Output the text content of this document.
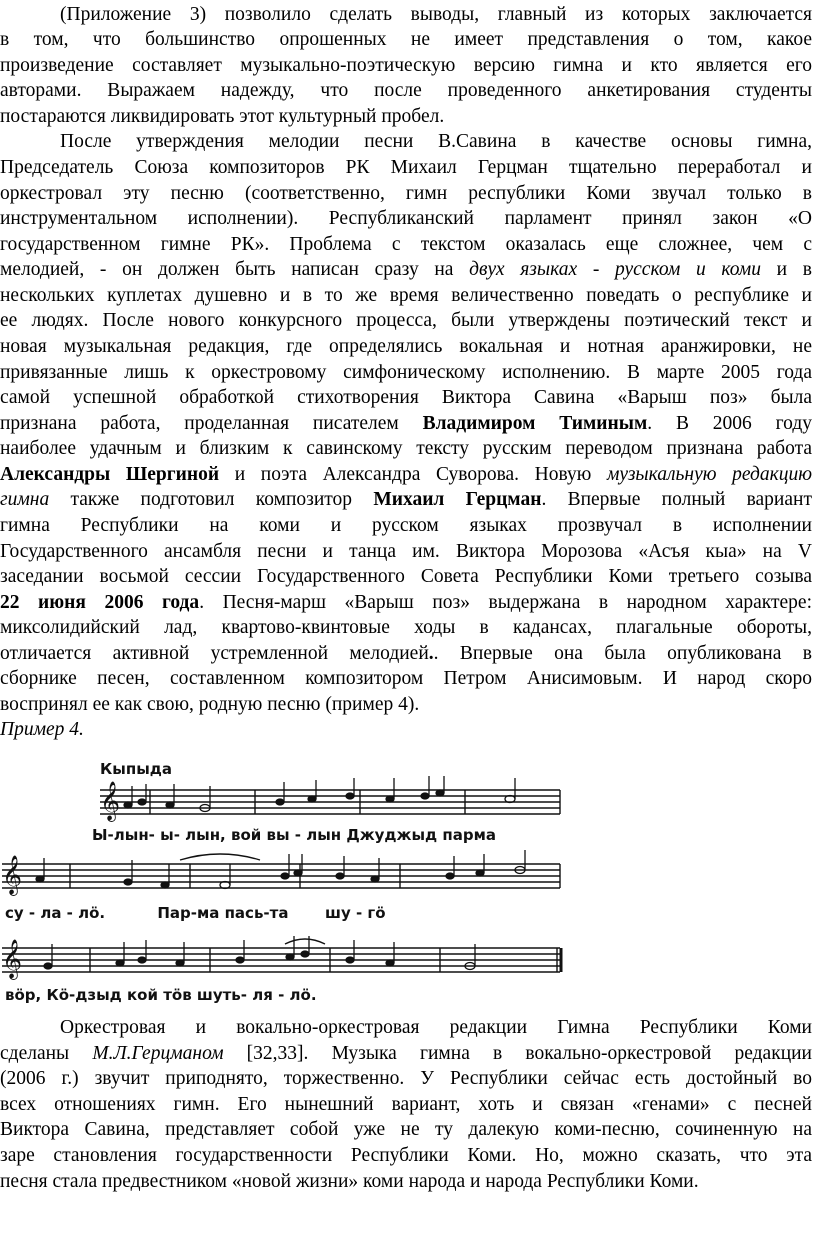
(Приложение 3) позволило сделать выводы, главный из которых заключается

в том, что большинство опрошенных не имеет представления о том, какое

произведение составляет музыкально-поэтическую версию гимна и кто является его

авторами. Выражаем надежду, что после проведенного анкетирования студенты

постараются ликвидировать этот культурный пробел.

После утверждения мелодии песни В.Савина в качестве основы гимна,

Председатель Союза композиторов РК Михаил Герцман тщательно переработал и

оркестровал эту песню (соответственно, гимн республики Коми звучал только в

инструментальном исполнении). Республиканский парламент принял закон «О

государственном гимне РК». Проблема с текстом оказалась еще сложнее, чем с

мелодией, - он должен быть написан сразу на двух языках - русском и коми и в

нескольких куплетах душевно и в то же время величественно поведать о республике и

ее людях. После нового конкурсного процесса, были утверждены поэтический текст и

новая музыкальная редакция, где определялись вокальная и нотная аранжировки, не

привязанные лишь к оркестровому симфоническому исполнению. В марте 2005 года

самой успешной обработкой стихотворения Виктора Савина «Варыш поз» была

признана работа, проделанная писателем Владимиром Тиминым. В 2006 году

наиболее удачным и близким к савинскому тексту русским переводом признана работа

Александры Шергиной и поэта Александра Суворова. Новую музыкальную редакцию

гимна также подготовил композитор Михаил Герцман. Впервые полный вариант

гимна Республики на коми и русском языках прозвучал в исполнении

Государственного ансамбля песни и танца им. Виктора Морозова «Асъя кыа» на V

заседании восьмой сессии Государственного Совета Республики Коми третьего созыва

22 июня 2006 года. Песня-марш «Варыш поз» выдержана в народном характере:

миксолидийский лад, квартово-квинтовые ходы в кадансах, плагальные обороты,

отличается активной устремленной мелодией.. Впервые она была опубликована в

сборнике песен, составленном композитором Петром Анисимовым. И народ скоро

воспринял ее как свою, родную песню (пример 4).

Пример 4.
𝄞
𝄞
𝄞
Кыпыда
Ы-лын- ы- лын, вой вы - лын Джуджыд парма
су - ла - лö.          Пар-ма пась-та       шу - гö
вöр, Кö-дзыд кой тöв шуть- ля - лö.

Оркестровая и вокально-оркестровая редакции Гимна Республики Коми

сделаны М.Л.Герцманом [32,33]. Музыка гимна в вокально-оркестровой редакции

(2006 г.) звучит приподнято, торжественно. У Республики сейчас есть достойный во

всех отношениях гимн. Его нынешний вариант, хоть и связан «генами» с песней

Виктора Савина, представляет собой уже не ту далекую коми-песню, сочиненную на

заре становления государственности Республики Коми. Но, можно сказать, что эта

песня стала предвестником «новой жизни» коми народа и народа Республики Коми.
